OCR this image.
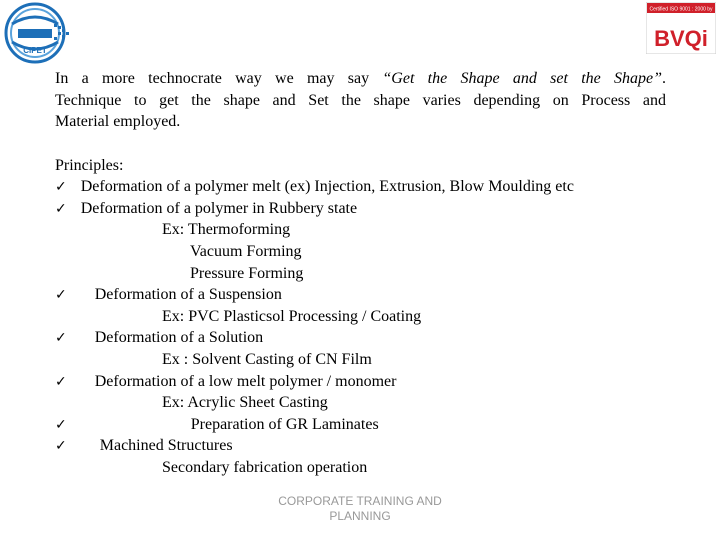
CIPET
Certified ISO 9001 : 2000 by
BVQi
In a more technocrate way we may say “Get the Shape and set the Shape”.
Technique to get the shape and Set the shape varies depending on Process and
Material employed.
Principles:
✓ Deformation of a polymer melt (ex) Injection, Extrusion, Blow Moulding etc
✓ Deformation of a polymer in Rubbery state
Ex: Thermoforming
Vacuum Forming
Pressure Forming
✓ Deformation of a Suspension
Ex: PVC Plasticsol Processing / Coating
✓ Deformation of a Solution
Ex : Solvent Casting of CN Film
✓ Deformation of a low melt polymer / monomer
Ex: Acrylic Sheet Casting
✓	Preparation of GR Laminates
✓ Machined Structures
Secondary fabrication operation
CORPORATE TRAINING AND
PLANNING
